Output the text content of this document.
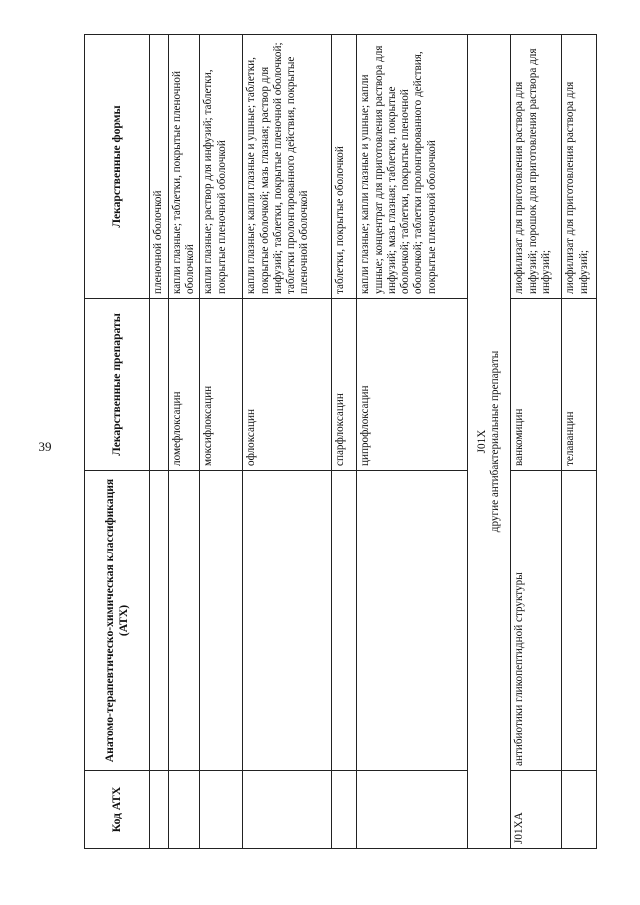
39
Код АТХ	Анатомо-терапевтическо-химическая классификация (АТХ)	Лекарственные препараты	Лекарственные формы
			пленочной оболочкой
		ломефлоксацин	капли глазные; таблетки, покрытые пленочной оболочкой
		моксифлоксацин	капли глазные; раствор для инфузий; таблетки, покрытые пленочной оболочкой
		офлоксацин	капли глазные; капли глазные и ушные; таблетки, покрытые оболочкой; мазь глазная; раствор для инфузий; таблетки, покрытые пленочной оболочкой; таблетки пролонгированного действия, покрытые пленочной оболочкой
		спарфлоксацин	таблетки, покрытые оболочкой
		ципрофлоксацин	капли глазные; капли глазные и ушные; капли ушные; концентрат для приготовления раствора для инфузий; мазь глазная; таблетки, покрытые оболочкой; таблетки, покрытые пленочной оболочкой; таблетки пролонгированного действия, покрытые пленочной оболочкой

J01X другие антибактериальные препараты			

J01XA	антибиотики гликопептидной структуры	ванкомицин	лиофилизат для приготовления раствора для инфузий; порошок для приготовления раствора для инфузий;
		телаванцин	лиофилизат для приготовления раствора для инфузий;
